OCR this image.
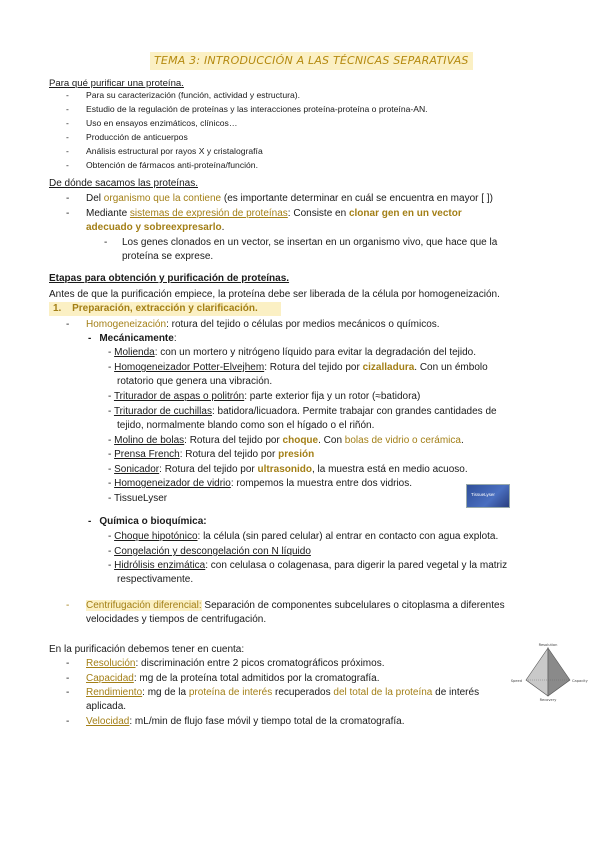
TEMA 3: INTRODUCCIÓN A LAS TÉCNICAS SEPARATIVAS
Para qué purificar una proteína.
-	Para su caracterización (función, actividad y estructura).
-	Estudio de la regulación de proteínas y las interacciones proteína-proteína o proteína-AN.
-	Uso en ensayos enzimáticos, clínicos…
-	Producción de anticuerpos
-	Análisis estructural por rayos X y cristalografía
-	Obtención de fármacos anti-proteína/función.
De dónde sacamos las proteínas.
-	Del organismo que la contiene (es importante determinar en cuál se encuentra en mayor [ ])
-	Mediante sistemas de expresión de proteínas: Consiste en clonar gen en un vector
adecuado y sobreexpresarlo.
-	Los genes clonados en un vector, se insertan en un organismo vivo, que hace que la
proteína se exprese.
Etapas para obtención y purificación de proteínas.
Antes de que la purificación empiece, la proteína debe ser liberada de la célula por homogeneización.
1. Preparación, extracción y clarificación.
-	Homogeneización: rotura del tejido o células por medios mecánicos o químicos.
- Mecánicamente:
- Molienda: con un mortero y nitrógeno líquido para evitar la degradación del tejido.
- Homogeneizador Potter-Elvejhem: Rotura del tejido por cizalladura. Con un émbolo
rotatorio que genera una vibración.
- Triturador de aspas o politrón: parte exterior fija y un rotor (≈batidora)
- Triturador de cuchillas: batidora/licuadora. Permite trabajar con grandes cantidades de
tejido, normalmente blando como son el hígado o el riñón.
- Molino de bolas: Rotura del tejido por choque. Con bolas de vidrio o cerámica.
- Prensa French: Rotura del tejido por presión
- Sonicador: Rotura del tejido por ultrasonido, la muestra está en medio acuoso.
- Homogeneizador de vidrio: rompemos la muestra entre dos vidrios.
- TissueLyser	TissueLyser
- Química o bioquímica:
- Choque hipotónico: la célula (sin pared celular) al entrar en contacto con agua explota.
- Congelación y descongelación con N líquido
- Hidrólisis enzimática: con celulasa o colagenasa, para digerir la pared vegetal y la matriz
respectivamente.
-	Centrifugación diferencial: Separación de componentes subcelulares o citoplasma a diferentes
velocidades y tiempos de centrifugación.
En la purificación debemos tener en cuenta:
-	Resolución: discriminación entre 2 picos cromatográficos próximos.
-	Capacidad: mg de la proteína total admitidos por la cromatografía.
-	Rendimiento: mg de la proteína de interés recuperados del total de la proteína de interés
aplicada.
-	Velocidad: mL/min de flujo fase móvil y tiempo total de la cromatografía.
Resolution
Speed	Capacity
Recovery
